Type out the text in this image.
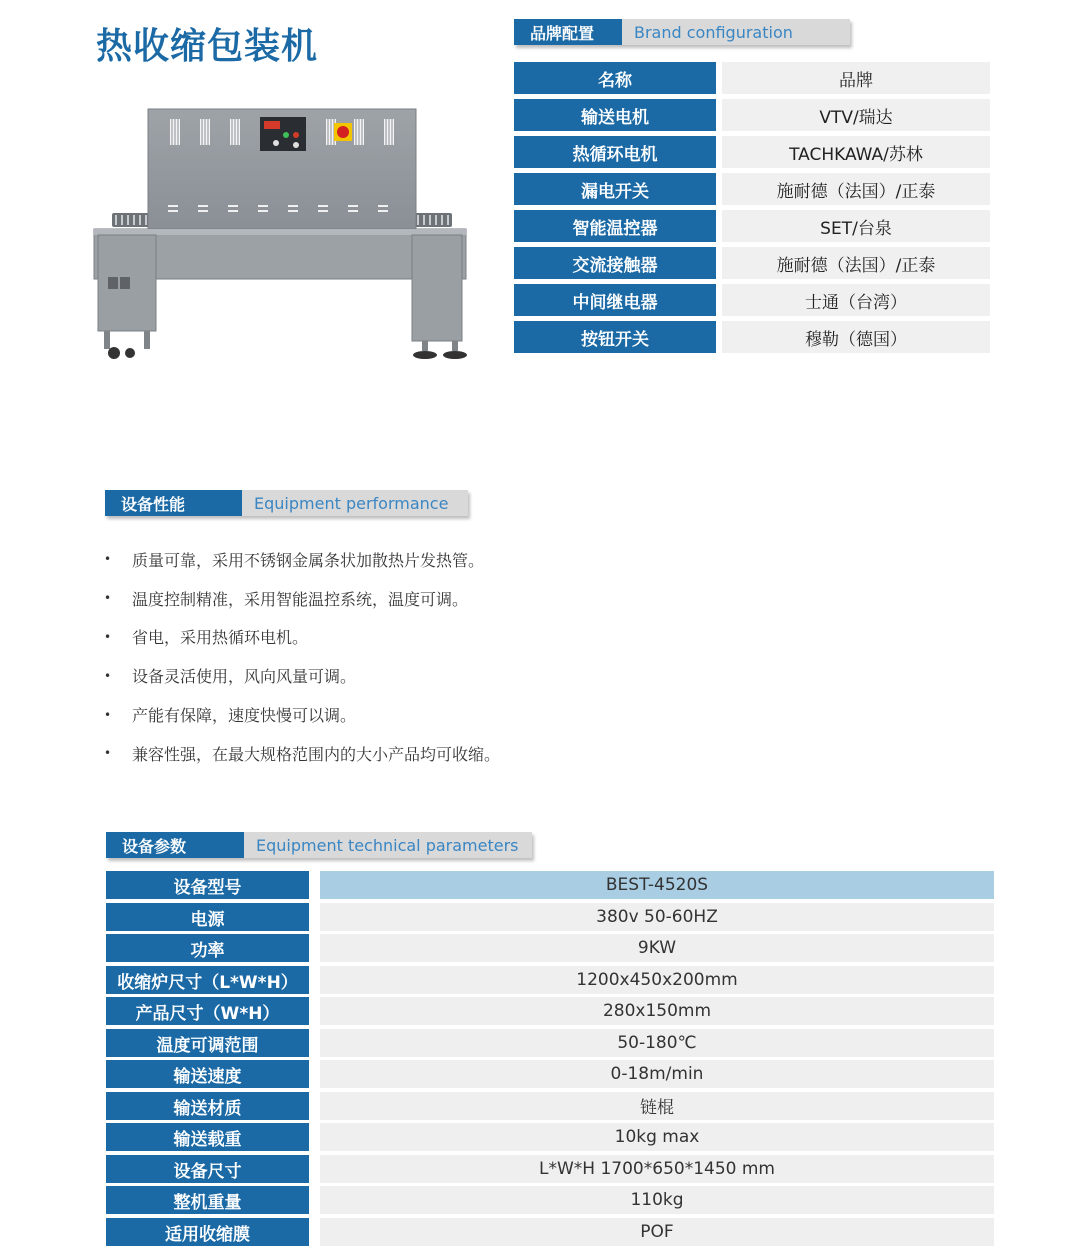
热收缩包装机	品牌配置	Brand configuration
名称	品牌
输送电机	VTV/瑞达
热循环电机	TACHKAWA/苏林
漏电开关	施耐德（法国）/正泰
智能温控器	SET/台泉
交流接触器	施耐德（法国）/正泰
中间继电器	士通（台湾）
按钮开关	穆勒（德国）
设备性能	Equipment performance
•	质量可靠，采用不锈钢金属条状加散热片发热管。
•	温度控制精准，采用智能温控系统，温度可调。
•	省电，采用热循环电机。
•	设备灵活使用，风向风量可调。
•	产能有保障，速度快慢可以调。
•	兼容性强，在最大规格范围内的大小产品均可收缩。
设备参数	Equipment technical parameters
设备型号	BEST-4520S
电源	380v 50-60HZ
功率	9KW
收缩炉尺寸（L*W*H）	1200x450x200mm
产品尺寸（W*H）	280x150mm
温度可调范围	50-180℃
输送速度	0-18m/min
输送材质	链棍
输送载重	10kg max
设备尺寸	L*W*H 1700*650*1450 mm
整机重量	110kg
适用收缩膜	POF
